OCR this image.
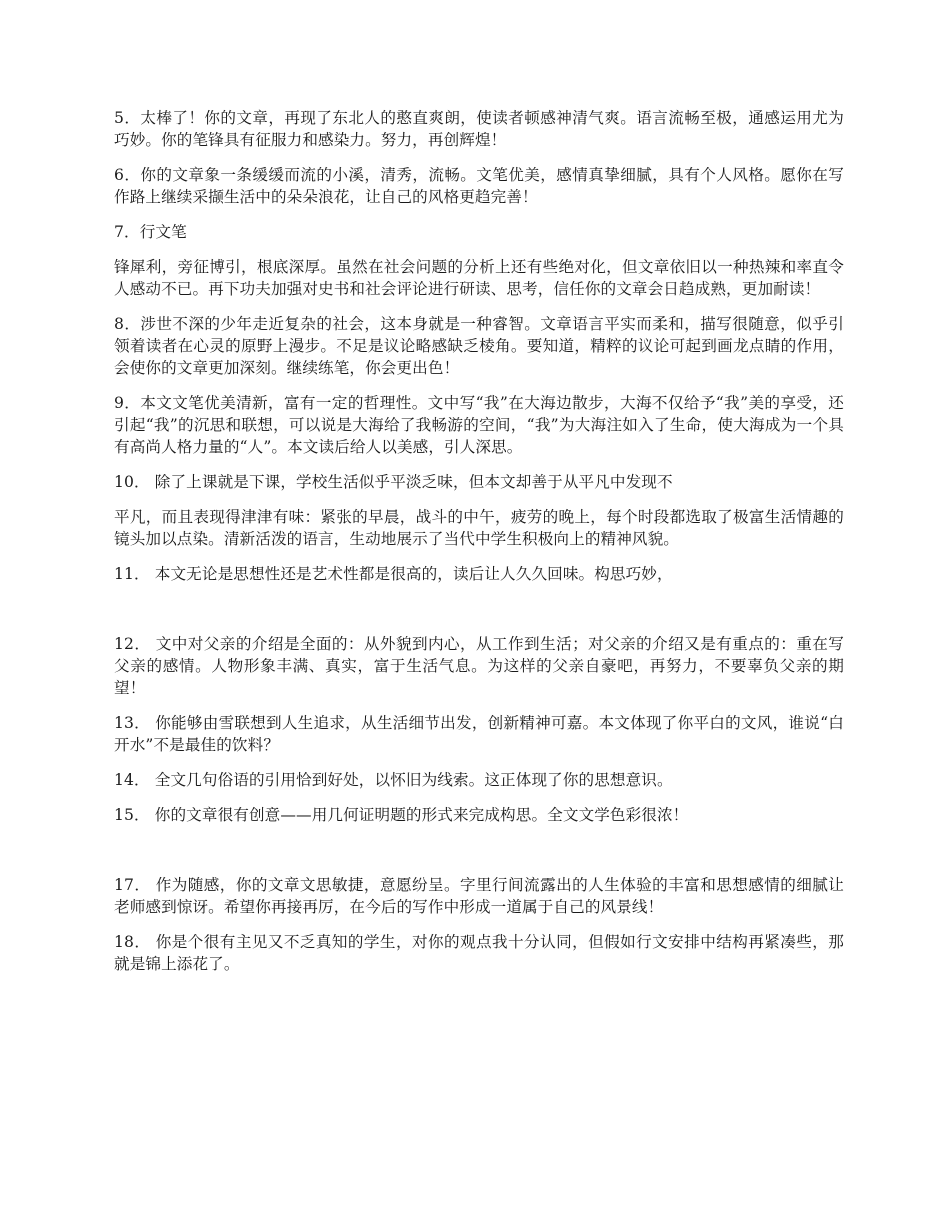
5．太棒了！你的文章，再现了东北人的憨直爽朗，使读者顿感神清气爽。语言流畅至极，通感运用尤为巧妙。你的笔锋具有征服力和感染力。努力，再创辉煌！

6．你的文章象一条缓缓而流的小溪，清秀，流畅。文笔优美，感情真挚细腻，具有个人风格。愿你在写作路上继续采撷生活中的朵朵浪花，让自己的风格更趋完善！

7．行文笔

锋犀利，旁征博引，根底深厚。虽然在社会问题的分析上还有些绝对化，但文章依旧以一种热辣和率直令人感动不已。再下功夫加强对史书和社会评论进行研读、思考，信任你的文章会日趋成熟，更加耐读！

8．涉世不深的少年走近复杂的社会，这本身就是一种睿智。文章语言平实而柔和，描写很随意，似乎引领着读者在心灵的原野上漫步。不足是议论略感缺乏棱角。要知道，精粹的议论可起到画龙点睛的作用，会使你的文章更加深刻。继续练笔，你会更出色！

9．本文文笔优美清新，富有一定的哲理性。文中写“我”在大海边散步，大海不仅给予“我”美的享受，还引起“我”的沉思和联想，可以说是大海给了我畅游的空间，“我”为大海注如入了生命，使大海成为一个具有高尚人格力量的“人”。本文读后给人以美感，引人深思。

10． 除了上课就是下课，学校生活似乎平淡乏味，但本文却善于从平凡中发现不

平凡，而且表现得津津有味：紧张的早晨，战斗的中午，疲劳的晚上，每个时段都选取了极富生活情趣的镜头加以点染。清新活泼的语言，生动地展示了当代中学生积极向上的精神风貌。

11． 本文无论是思想性还是艺术性都是很高的，读后让人久久回味。构思巧妙，

12． 文中对父亲的介绍是全面的：从外貌到内心，从工作到生活；对父亲的介绍又是有重点的：重在写父亲的感情。人物形象丰满、真实，富于生活气息。为这样的父亲自豪吧，再努力，不要辜负父亲的期望！

13． 你能够由雪联想到人生追求，从生活细节出发，创新精神可嘉。本文体现了你平白的文风，谁说“白开水”不是最佳的饮料？

14． 全文几句俗语的引用恰到好处，以怀旧为线索。这正体现了你的思想意识。

15． 你的文章很有创意——用几何证明题的形式来完成构思。全文文学色彩很浓！

17． 作为随感，你的文章文思敏捷，意愿纷呈。字里行间流露出的人生体验的丰富和思想感情的细腻让老师感到惊讶。希望你再接再厉，在今后的写作中形成一道属于自己的风景线！

18． 你是个很有主见又不乏真知的学生，对你的观点我十分认同，但假如行文安排中结构再紧凑些，那就是锦上添花了。
